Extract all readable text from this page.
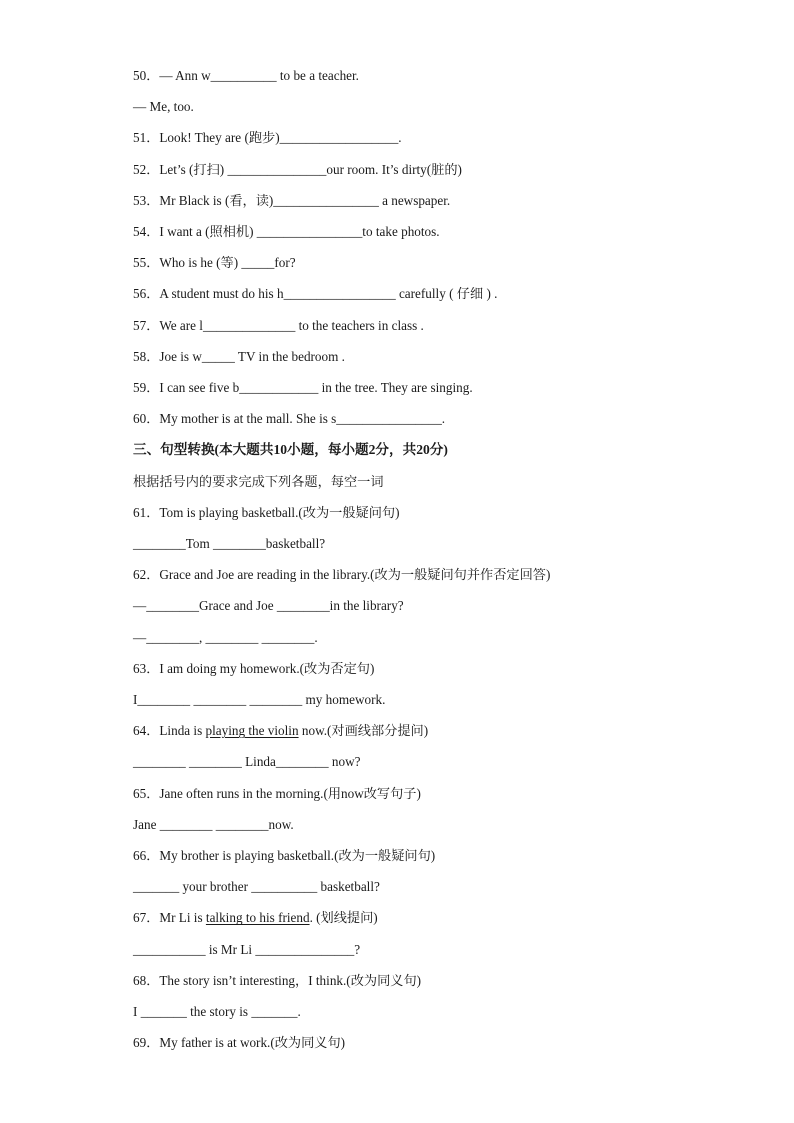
50．— Ann w__________ to be a teacher.
— Me, too.
51．Look! They are (跑步)__________________.
52．Let’s (打扫) _______________our room. It’s dirty(脏的)
53．Mr Black is (看，读)________________ a newspaper.
54．I want a (照相机) ________________to take photos.
55．Who is he (等) _____for?
56．A student must do his h_________________ carefully ( 仔细 ) .
57．We are l______________ to the teachers in class .
58．Joe is w_____ TV in the bedroom .
59．I can see five b____________ in the tree. They are singing.
60．My mother is at the mall. She is s________________.
三、句型转换(本大题共10小题，每小题2分，共20分)
根据括号内的要求完成下列各题，每空一词
61．Tom is playing basketball.(改为一般疑问句)
________Tom ________basketball?
62．Grace and Joe are reading in the library.(改为一般疑问句并作否定回答)
—________Grace and Joe ________in the library?
—________, ________ ________.
63．I am doing my homework.(改为否定句)
I________ ________ ________ my homework.
64．Linda is playing the violin now.(对画线部分提问)
________ ________ Linda________ now?
65．Jane often runs in the morning.(用now改写句子)
Jane ________ ________now.
66．My brother is playing basketball.(改为一般疑问句)
_______ your brother __________ basketball?
67．Mr Li is talking to his friend. (划线提问)
___________ is Mr Li _______________?
68．The story isn’t interesting，I think.(改为同义句)
I _______ the story is _______.
69．My father is at work.(改为同义句)
